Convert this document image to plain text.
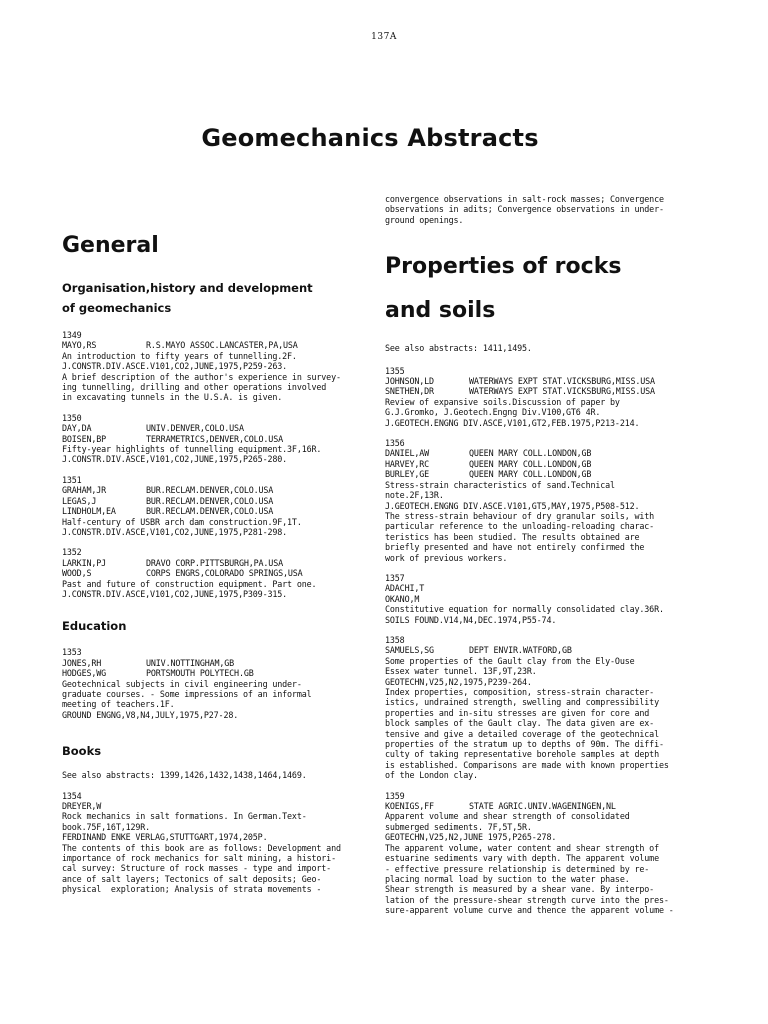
137A
Geomechanics Abstracts
General
Organisation,history and development
of geomechanics
1349
MAYO,RS	R.S.MAYO ASSOC.LANCASTER,PA,USA
An introduction to fifty years of tunnelling.2F.
J.CONSTR.DIV.ASCE.V101,CO2,JUNE,1975,P259-263.
A brief description of the author's experience in survey-
ing tunnelling, drilling and other operations involved
in excavating tunnels in the U.S.A. is given.
1350
DAY,DA	UNIV.DENVER,COLO.USA
BOISEN,BP	TERRAMETRICS,DENVER,COLO.USA
Fifty-year highlights of tunnelling equipment.3F,16R.
J.CONSTR.DIV.ASCE,V101,CO2,JUNE,1975,P265-280.
1351
GRAHAM,JR	BUR.RECLAM.DENVER,COLO.USA
LEGAS,J	BUR.RECLAM.DENVER,COLO.USA
LINDHOLM,EA	BUR.RECLAM.DENVER,COLO.USA
Half-century of USBR arch dam construction.9F,1T.
J.CONSTR.DIV.ASCE,V101,CO2,JUNE,1975,P281-298.
1352
LARKIN,PJ	DRAVO CORP.PITTSBURGH,PA.USA
WOOD,S	CORPS ENGRS,COLORADO SPRINGS,USA
Past and future of construction equipment. Part one.
J.CONSTR.DIV.ASCE,V101,CO2,JUNE,1975,P309-315.
Education
1353
JONES,RH	UNIV.NOTTINGHAM,GB
HODGES,WG	PORTSMOUTH POLYTECH.GB
Geotechnical subjects in civil engineering under-
graduate courses. - Some impressions of an informal
meeting of teachers.1F.
GROUND ENGNG,V8,N4,JULY,1975,P27-28.
Books
See also abstracts: 1399,1426,1432,1438,1464,1469.
1354
DREYER,W
Rock mechanics in salt formations. In German.Text-
book.75F,16T,129R.
FERDINAND ENKE VERLAG,STUTTGART,1974,205P.
The contents of this book are as follows: Development and
importance of rock mechanics for salt mining, a histori-
cal survey: Structure of rock masses - type and import-
ance of salt layers; Tectonics of salt deposits; Geo-
physical  exploration; Analysis of strata movements -
convergence observations in salt-rock masses; Convergence
observations in adits; Convergence observations in under-
ground openings.
Properties of rocks
and soils
See also abstracts: 1411,1495.
1355
JOHNSON,LD	WATERWAYS EXPT STAT.VICKSBURG,MISS.USA
SNETHEN,DR	WATERWAYS EXPT STAT.VICKSBURG,MISS.USA
Review of expansive soils.Discussion of paper by
G.J.Gromko, J.Geotech.Engng Div.V100,GT6 4R.
J.GEOTECH.ENGNG DIV.ASCE,V101,GT2,FEB.1975,P213-214.
1356
DANIEL,AW	QUEEN MARY COLL.LONDON,GB
HARVEY,RC	QUEEN MARY COLL.LONDON,GB
BURLEY,GE	QUEEN MARY COLL.LONDON,GB
Stress-strain characteristics of sand.Technical
note.2F,13R.
J.GEOTECH.ENGNG DIV.ASCE.V101,GT5,MAY,1975,P508-512.
The stress-strain behaviour of dry granular soils, with
particular reference to the unloading-reloading charac-
teristics has been studied. The results obtained are
briefly presented and have not entirely confirmed the
work of previous workers.
1357
ADACHI,T
OKANO,M
Constitutive equation for normally consolidated clay.36R.
SOILS FOUND.V14,N4,DEC.1974,P55-74.
1358
SAMUELS,SG	DEPT ENVIR.WATFORD,GB
Some properties of the Gault clay from the Ely-Ouse
Essex water tunnel. 13F,9T,23R.
GEOTECHN,V25,N2,1975,P239-264.
Index properties, composition, stress-strain character-
istics, undrained strength, swelling and compressibility
properties and in-situ stresses are given for core and
block samples of the Gault clay. The data given are ex-
tensive and give a detailed coverage of the geotechnical
properties of the stratum up to depths of 90m. The diffi-
culty of taking representative borehole samples at depth
is established. Comparisons are made with known properties
of the London clay.
1359
KOENIGS,FF	STATE AGRIC.UNIV.WAGENINGEN,NL
Apparent volume and shear strength of consolidated
submerged sediments. 7F,5T,5R.
GEOTECHN,V25,N2,JUNE 1975,P265-278.
The apparent volume, water content and shear strength of
estuarine sediments vary with depth. The apparent volume
- effective pressure relationship is determined by re-
placing normal load by suction to the water phase.
Shear strength is measured by a shear vane. By interpo-
lation of the pressure-shear strength curve into the pres-
sure-apparent volume curve and thence the apparent volume -
